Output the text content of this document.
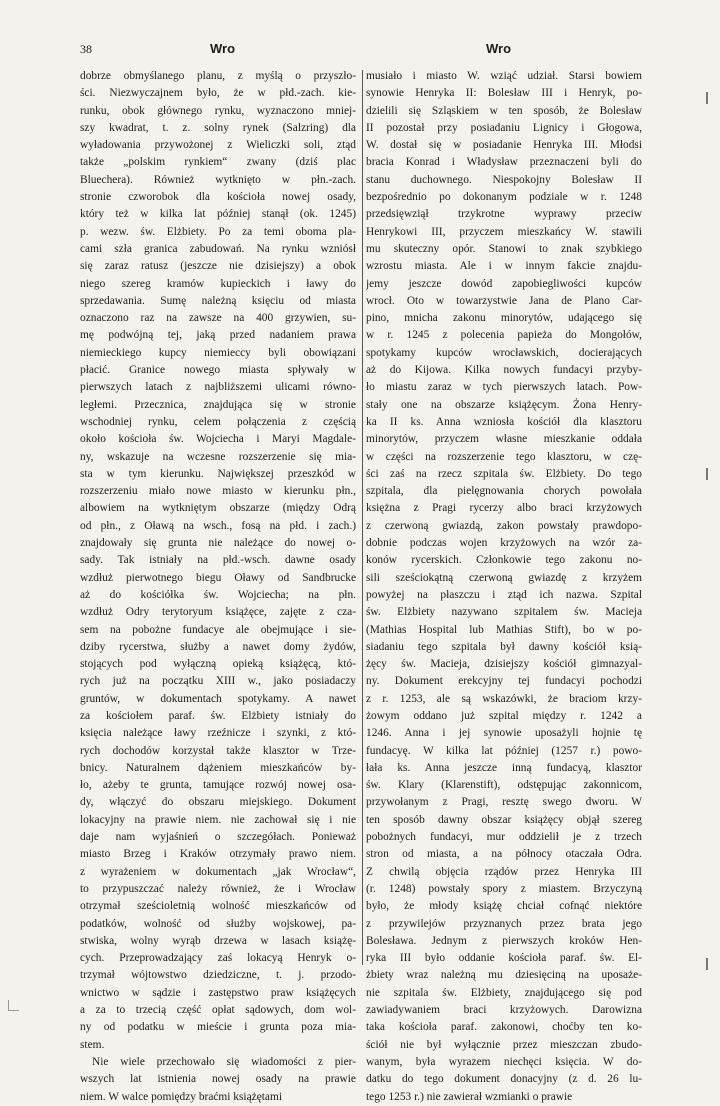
38	Wro	Wro
dobrze obmyślanego planu, z myślą o przyszło-
ści. Niezwyczajnem było, że w płd.-zach. kie-
runku, obok głównego rynku, wyznaczono mniej-
szy kwadrat, t. z. solny rynek (Salzring) dla
wyładowania przywożonej z Wieliczki soli, ztąd
także „polskim rynkiem“ zwany (dziś plac
Bluechera). Również wytknięto w płn.-zach.
stronie czworobok dla kościoła nowej osady,
który też w kilka lat później stanął (ok. 1245)
p. wezw. św. Elżbiety. Po za temi oboma pla-
cami szła granica zabudowań. Na rynku wzniósł
się zaraz ratusz (jeszcze nie dzisiejszy) a obok
niego szereg kramów kupieckich i ławy do
sprzedawania. Sumę należną księciu od miasta
oznaczono raz na zawsze na 400 grzywien, su-
mę podwójną tej, jaką przed nadaniem prawa
niemieckiego kupcy niemieccy byli obowiązani
płacić. Granice nowego miasta spływały w
pierwszych latach z najbliższemi ulicami równo-
ległemi. Przecznica, znajdująca się w stronie
wschodniej rynku, celem połączenia z częścią
około kościoła św. Wojciecha i Maryi Magdale-
ny, wskazuje na wczesne rozszerzenie się mia-
sta w tym kierunku. Największej przeszkód w
rozszerzeniu miało nowe miasto w kierunku płn.,
albowiem na wytkniętym obszarze (między Odrą
od płn., z Oławą na wsch., fosą na płd. i zach.)
znajdowały się grunta nie należące do nowej o-
sady. Tak istniały na płd.-wsch. dawne osady
wzdłuż pierwotnego biegu Oławy od Sandbrucke
aż do kościółka św. Wojciecha; na płn.
wzdłuż Odry terytoryum książęce, zajęte z cza-
sem na pobożne fundacye ale obejmujące i sie-
dziby rycerstwa, służby a nawet domy żydów,
stojących pod wyłączną opieką książęcą, któ-
rych już na początku XIII w., jako posiadaczy
gruntów, w dokumentach spotykamy. A nawet
za kościołem paraf. św. Elżbiety istniały do
księcia należące ławy rzeźnicze i szynki, z któ-
rych dochodów korzystał także klasztor w Trze-
bnicy. Naturalnem dążeniem mieszkańców by-
ło, ażeby te grunta, tamujące rozwój nowej osa-
dy, włączyć do obszaru miejskiego. Dokument
lokacyjny na prawie niem. nie zachował się i nie
daje nam wyjaśnień o szczegółach. Ponieważ
miasto Brzeg i Kraków otrzymały prawo niem.
z wyrażeniem w dokumentach „jak Wrocław“,
to przypuszczać należy również, że i Wrocław
otrzymał sześcioletnią wolność mieszkańców od
podatków, wolność od służby wojskowej, pa-
stwiska, wolny wyrąb drzewa w lasach książę-
cych. Przeprowadzający zaś lokacyą Henryk o-
trzymał wójtowstwo dziedziczne, t. j. przodo-
wnictwo w sądzie i zastępstwo praw książęcych
a za to trzecią część opłat sądowych, dom wol-
ny od podatku w mieście i grunta poza mia-
stem.
Nie wiele przechowało się wiadomości z pier-
wszych lat istnienia nowej osady na prawie
niem. W walce pomiędzy braćmi książętami
musiało i miasto W. wziąć udział. Starsi bowiem
synowie Henryka II: Bolesław III i Henryk, po-
dzielili się Szląskiem w ten sposób, że Bolesław
II pozostał przy posiadaniu Lignicy i Głogowa,
W. dostał się w posiadanie Henryka III. Młodsi
bracia Konrad i Władysław przeznaczeni byli do
stanu duchownego. Niespokojny Bolesław II
bezpośrednio po dokonanym podziale w r. 1248
przedsięwziął trzykrotne wyprawy przeciw
Henrykowi III, przyczem mieszkańcy W. stawili
mu skuteczny opór. Stanowi to znak szybkiego
wzrostu miasta. Ale i w innym fakcie znajdu-
jemy jeszcze dowód zapobiegliwości kupców
wrocł. Oto w towarzystwie Jana de Plano Car-
pino, mnicha zakonu minorytów, udającego się
w r. 1245 z polecenia papieża do Mongołów,
spotykamy kupców wrocławskich, docierających
aż do Kijowa. Kilka nowych fundacyi przyby-
ło miastu zaraz w tych pierwszych latach. Pow-
stały one na obszarze książęcym. Żona Henry-
ka II ks. Anna wzniosła kościół dla klasztoru
minorytów, przyczem własne mieszkanie oddała
w części na rozszerzenie tego klasztoru, w czę-
ści zaś na rzecz szpitala św. Elżbiety. Do tego
szpitala, dla pielęgnowania chorych powołała
księżna z Pragi rycerzy albo braci krzyżowych
z czerwoną gwiazdą, zakon powstały prawdopo-
dobnie podczas wojen krzyżowych na wzór za-
konów rycerskich. Członkowie tego zakonu no-
sili sześciokątną czerwoną gwiazdę z krzyżem
powyżej na płaszczu i ztąd ich nazwa. Szpital
św. Elżbiety nazywano szpitalem św. Macieja
(Mathias Hospital lub Mathias Stift), bo w po-
siadaniu tego szpitala był dawny kościół ksią-
żęcy św. Macieja, dzisiejszy kościół gimnazyal-
ny. Dokument erekcyjny tej fundacyi pochodzi
z r. 1253, ale są wskazówki, że braciom krzy-
żowym oddano już szpital między r. 1242 a
1246. Anna i jej synowie uposażyli hojnie tę
fundacyę. W kilka lat później (1257 r.) powo-
łała ks. Anna jeszcze inną fundacyą, klasztor
św. Klary (Klarenstift), odstępując zakonnicom,
przywołanym z Pragi, resztę swego dworu. W
ten sposób dawny obszar książęcy objął szereg
pobożnych fundacyi, mur oddzielił je z trzech
stron od miasta, a na północy otaczała Odra.
Z chwilą objęcia rządów przez Henryka III
(r. 1248) powstały spory z miastem. Brzyczyną
było, że młody książę chciał cofnąć niektóre
z przywilejów przyznanych przez brata jego
Bolesława. Jednym z pierwszych kroków Hen-
ryka III było oddanie kościoła paraf. św. El-
żbiety wraz należną mu dziesięciną na uposaże-
nie szpitala św. Elżbiety, znajdującego się pod
zawiadywaniem braci krzyżowych. Darowizna
taka kościoła paraf. zakonowi, choćby ten ko-
ściół nie był wyłącznie przez mieszczan zbudo-
wanym, była wyrazem niechęci księcia. W do-
datku do tego dokument donacyjny (z d. 26 lu-
tego 1253 r.) nie zawierał wzmianki o prawie
